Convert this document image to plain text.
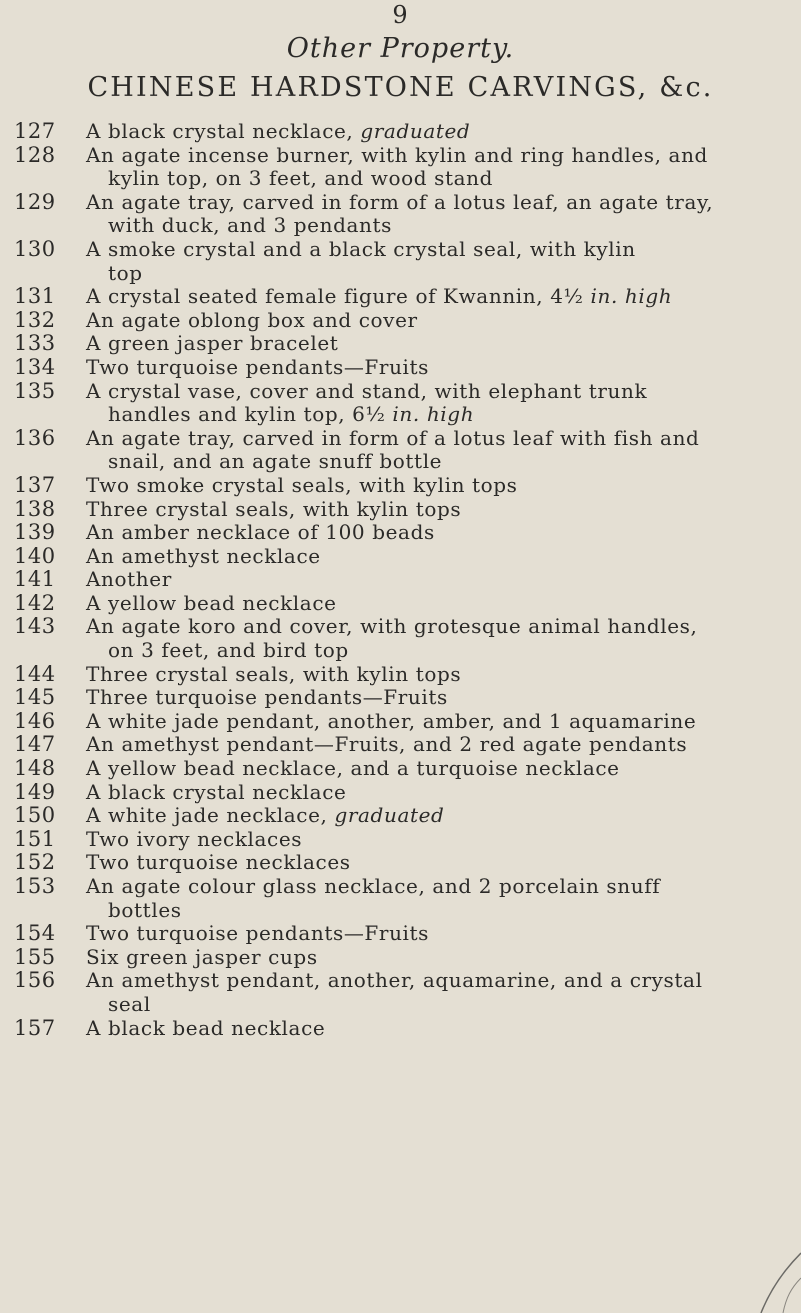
9
Other Property.
CHINESE HARDSTONE CARVINGS, &c.
127	A black crystal necklace, graduated
128	An agate incense burner, with kylin and ring handles, and
kylin top, on 3 feet, and wood stand
129	An agate tray, carved in form of a lotus leaf, an agate tray,
with duck, and 3 pendants
130	A smoke crystal and a black crystal seal, with kylin
top
131	A crystal seated female figure of Kwannin, 4½ in. high
132	An agate oblong box and cover
133	A green jasper bracelet
134	Two turquoise pendants—Fruits
135	A crystal vase, cover and stand, with elephant trunk
handles and kylin top, 6½ in. high
136	An agate tray, carved in form of a lotus leaf with fish and
snail, and an agate snuff bottle
137	Two smoke crystal seals, with kylin tops
138	Three crystal seals, with kylin tops
139	An amber necklace of 100 beads
140	An amethyst necklace
141	Another
142	A yellow bead necklace
143	An agate koro and cover, with grotesque animal handles,
on 3 feet, and bird top
144	Three crystal seals, with kylin tops
145	Three turquoise pendants—Fruits
146	A white jade pendant, another, amber, and 1 aquamarine
147	An amethyst pendant—Fruits, and 2 red agate pendants
148	A yellow bead necklace, and a turquoise necklace
149	A black crystal necklace
150	A white jade necklace, graduated
151	Two ivory necklaces
152	Two turquoise necklaces
153	An agate colour glass necklace, and 2 porcelain snuff
bottles
154	Two turquoise pendants—Fruits
155	Six green jasper cups
156	An amethyst pendant, another, aquamarine, and a crystal
seal
157	A black bead necklace
